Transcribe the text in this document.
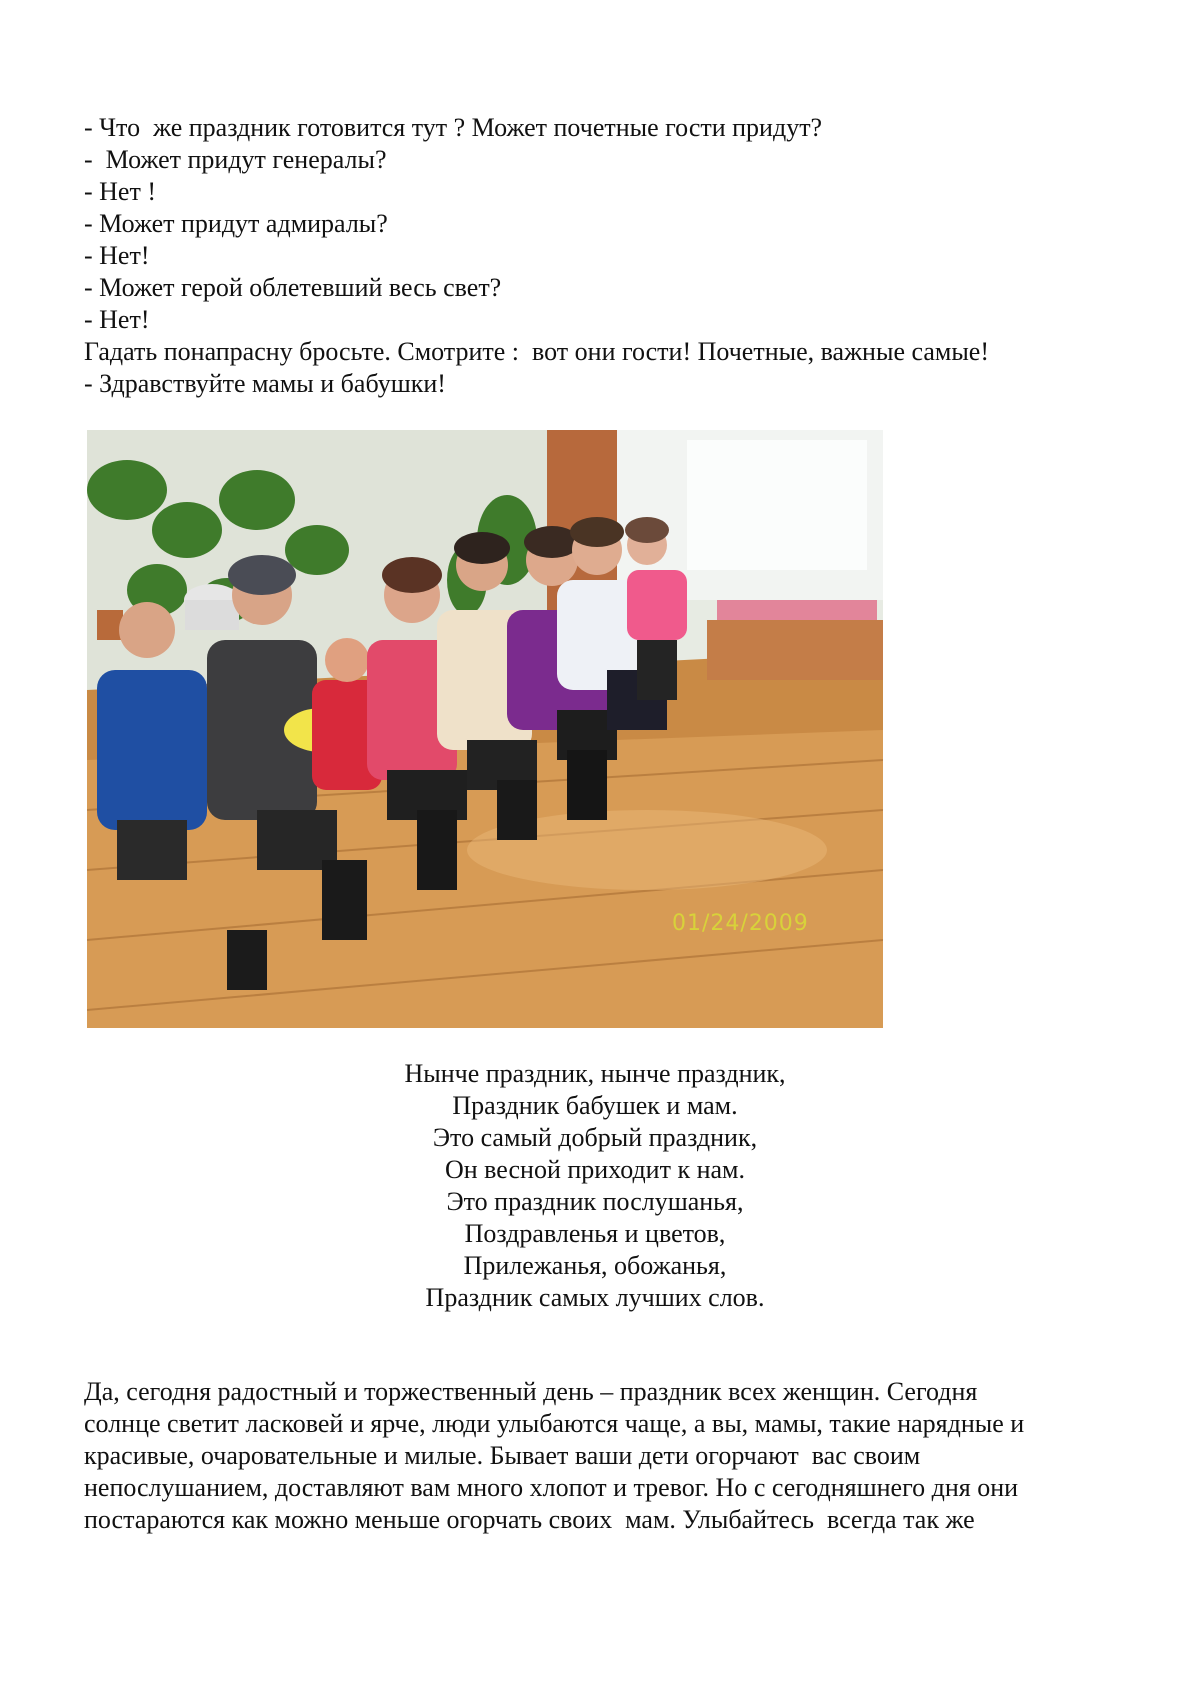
- Что  же праздник готовится тут ? Может почетные гости придут?
-  Может придут генералы?
- Нет !
- Может придут адмиралы?
- Нет!
- Может герой облетевший весь свет?
- Нет!
Гадать понапрасну бросьте. Смотрите :  вот они гости! Почетные, важные самые!
- Здравствуйте мамы и бабушки!
01/24/2009
Нынче праздник, нынче праздник,
Праздник бабушек и мам.
Это самый добрый праздник,
Он весной приходит к нам.
Это праздник послушанья,
Поздравленья и цветов,
Прилежанья, обожанья,
Праздник самых лучших слов.
Да, сегодня радостный и торжественный день – праздник всех женщин. Сегодня
солнце светит ласковей и ярче, люди улыбаются чаще, а вы, мамы, такие нарядные и
красивые, очаровательные и милые. Бывает ваши дети огорчают  вас своим
непослушанием, доставляют вам много хлопот и тревог. Но с сегодняшнего дня они
постараются как можно меньше огорчать своих  мам. Улыбайтесь  всегда так же
